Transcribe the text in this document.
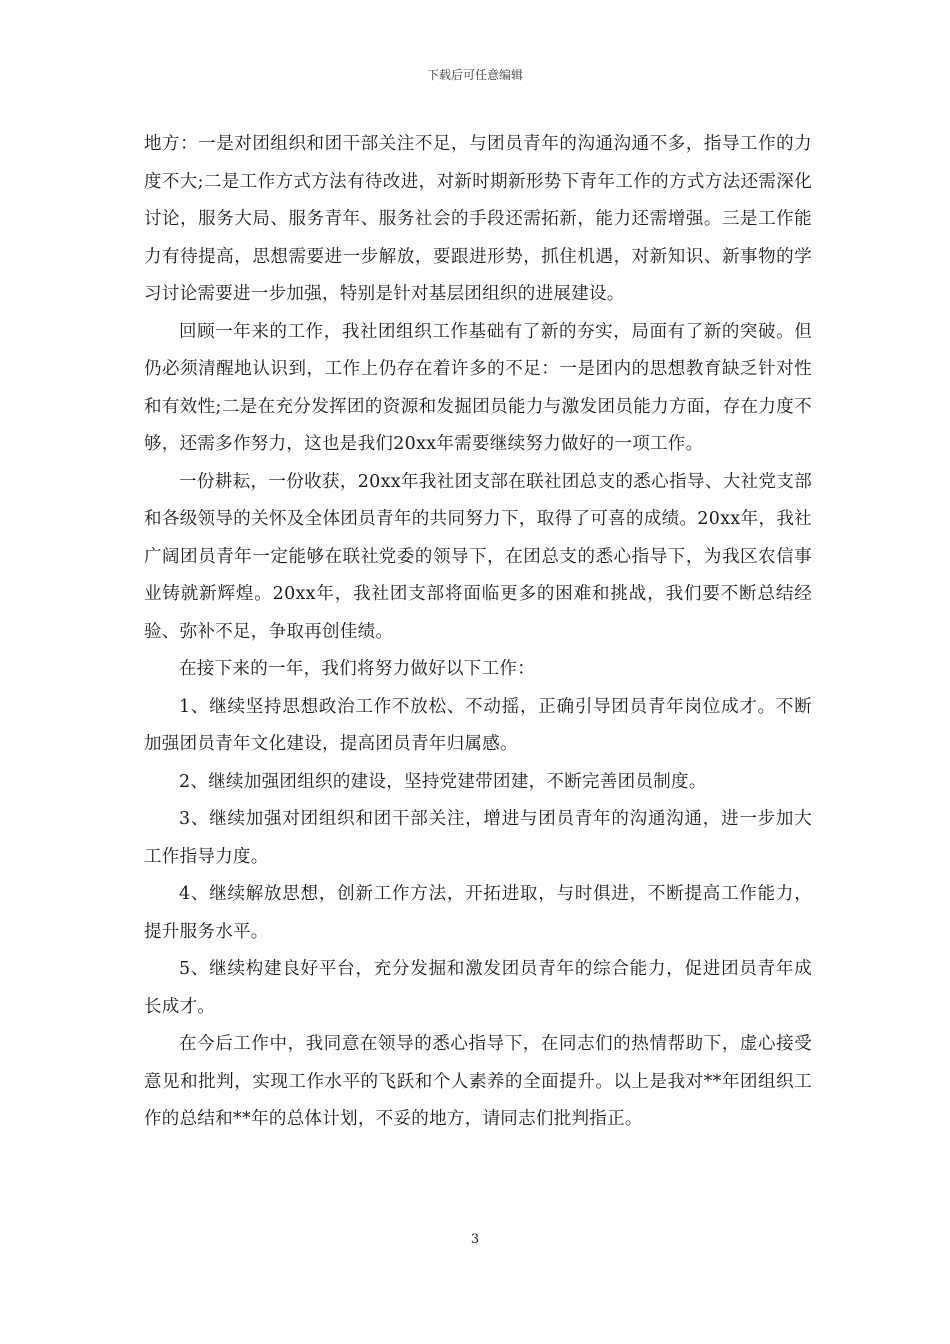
下载后可任意编辑

地方：一是对团组织和团干部关注不足，与团员青年的沟通沟通不多，指导工作的力度不大;二是工作方式方法有待改进，对新时期新形势下青年工作的方式方法还需深化讨论，服务大局、服务青年、服务社会的手段还需拓新，能力还需增强。三是工作能力有待提高，思想需要进一步解放，要跟进形势，抓住机遇，对新知识、新事物的学习讨论需要进一步加强，特别是针对基层团组织的进展建设。

回顾一年来的工作，我社团组织工作基础有了新的夯实，局面有了新的突破。但仍必须清醒地认识到，工作上仍存在着许多的不足：一是团内的思想教育缺乏针对性和有效性;二是在充分发挥团的资源和发掘团员能力与激发团员能力方面，存在力度不够，还需多作努力，这也是我们20xx年需要继续努力做好的一项工作。

一份耕耘，一份收获，20xx年我社团支部在联社团总支的悉心指导、大社党支部和各级领导的关怀及全体团员青年的共同努力下，取得了可喜的成绩。20xx年，我社广阔团员青年一定能够在联社党委的领导下，在团总支的悉心指导下，为我区农信事业铸就新辉煌。20xx年，我社团支部将面临更多的困难和挑战，我们要不断总结经验、弥补不足，争取再创佳绩。

在接下来的一年，我们将努力做好以下工作：

1、继续坚持思想政治工作不放松、不动摇，正确引导团员青年岗位成才。不断加强团员青年文化建设，提高团员青年归属感。

2、继续加强团组织的建设，坚持党建带团建，不断完善团员制度。

3、继续加强对团组织和团干部关注，增进与团员青年的沟通沟通，进一步加大工作指导力度。

4、继续解放思想，创新工作方法，开拓进取，与时俱进，不断提高工作能力，提升服务水平。

5、继续构建良好平台，充分发掘和激发团员青年的综合能力，促进团员青年成长成才。

在今后工作中，我同意在领导的悉心指导下，在同志们的热情帮助下，虚心接受意见和批判，实现工作水平的飞跃和个人素养的全面提升。以上是我对**年团组织工作的总结和**年的总体计划，不妥的地方，请同志们批判指正。

3
